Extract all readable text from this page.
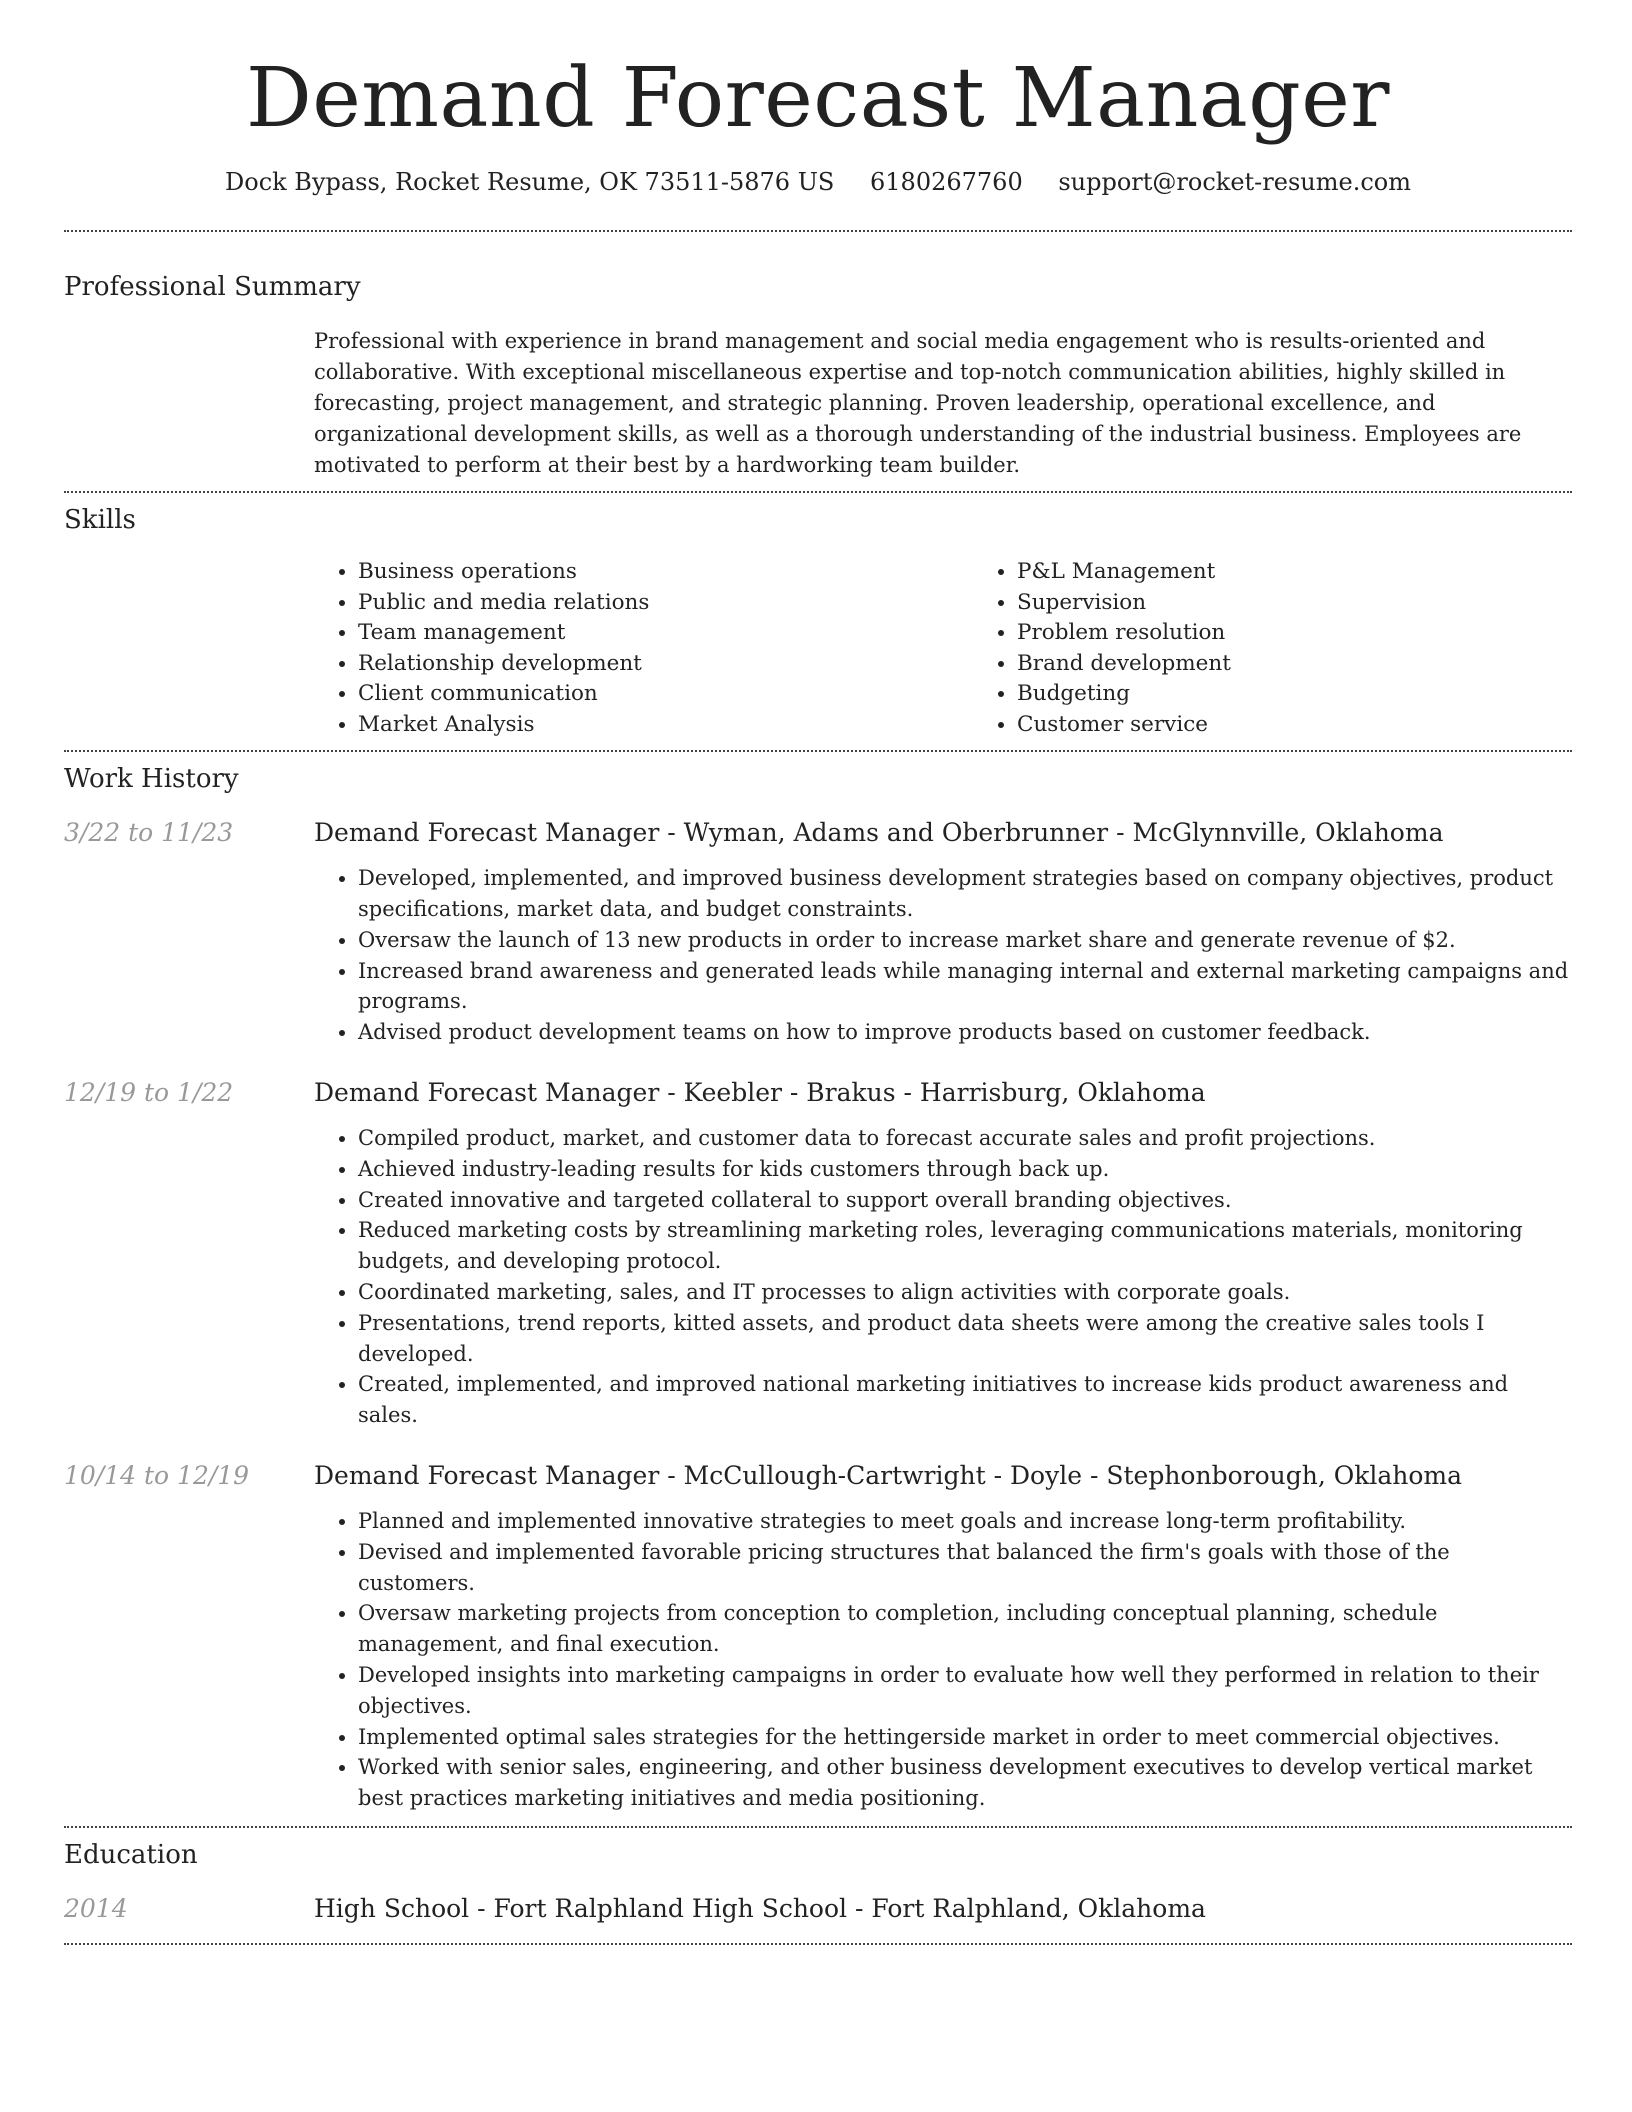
Demand Forecast Manager
Dock Bypass, Rocket Resume, OK 73511-5876 US 6180267760 support@rocket-resume.com
Professional Summary
Professional with experience in brand management and social media engagement who is results-oriented and collaborative. With exceptional miscellaneous expertise and top-notch communication abilities, highly skilled in forecasting, project management, and strategic planning. Proven leadership, operational excellence, and organizational development skills, as well as a thorough understanding of the industrial business. Employees are motivated to perform at their best by a hardworking team builder.
Skills
• Business operations
• Public and media relations
• Team management
• Relationship development
• Client communication
• Market Analysis
• P&L Management
• Supervision
• Problem resolution
• Brand development
• Budgeting
• Customer service
Work History
3/22 to 11/23	Demand Forecast Manager - Wyman, Adams and Oberbrunner - McGlynnville, Oklahoma
• Developed, implemented, and improved business development strategies based on company objectives, product specifications, market data, and budget constraints.
• Oversaw the launch of 13 new products in order to increase market share and generate revenue of $2.
• Increased brand awareness and generated leads while managing internal and external marketing campaigns and programs.
• Advised product development teams on how to improve products based on customer feedback.
12/19 to 1/22	Demand Forecast Manager - Keebler - Brakus - Harrisburg, Oklahoma
• Compiled product, market, and customer data to forecast accurate sales and profit projections.
• Achieved industry-leading results for kids customers through back up.
• Created innovative and targeted collateral to support overall branding objectives.
• Reduced marketing costs by streamlining marketing roles, leveraging communications materials, monitoring budgets, and developing protocol.
• Coordinated marketing, sales, and IT processes to align activities with corporate goals.
• Presentations, trend reports, kitted assets, and product data sheets were among the creative sales tools I developed.
• Created, implemented, and improved national marketing initiatives to increase kids product awareness and sales.
10/14 to 12/19	Demand Forecast Manager - McCullough-Cartwright - Doyle - Stephonborough, Oklahoma
• Planned and implemented innovative strategies to meet goals and increase long-term profitability.
• Devised and implemented favorable pricing structures that balanced the firm's goals with those of the customers.
• Oversaw marketing projects from conception to completion, including conceptual planning, schedule management, and final execution.
• Developed insights into marketing campaigns in order to evaluate how well they performed in relation to their objectives.
• Implemented optimal sales strategies for the hettingerside market in order to meet commercial objectives.
• Worked with senior sales, engineering, and other business development executives to develop vertical market best practices marketing initiatives and media positioning.
Education
2014	High School - Fort Ralphland High School - Fort Ralphland, Oklahoma
